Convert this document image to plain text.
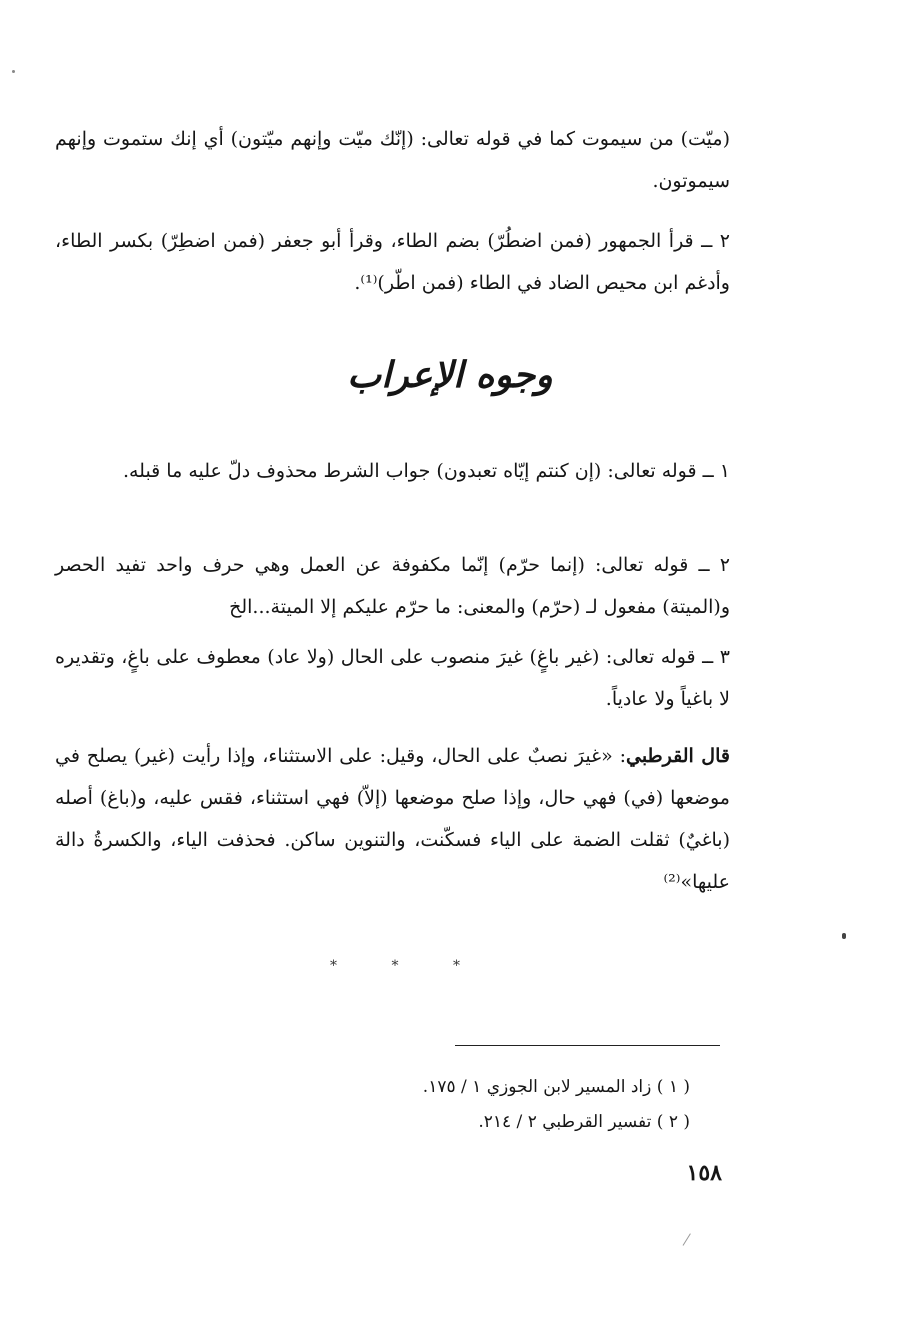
(ميّت) من سيموت كما في قوله تعالى: (إنّك ميّت وإنهم ميّتون) أي إنك ستموت وإنهم سيموتون.

٢ ــ قرأ الجمهور (فمن اضطُرّ) بضم الطاء، وقرأ أبو جعفر (فمن اضطِرّ) بكسر الطاء، وأدغم ابن محيص الضاد في الطاء (فمن اطّر)⁽¹⁾.

وجوه الإعراب

١ ــ قوله تعالى: (إن كنتم إيّاه تعبدون) جواب الشرط محذوف دلّ عليه ما قبله.

٢ ــ قوله تعالى: (إنما حرّم) إنّما مكفوفة عن العمل وهي حرف واحد تفيد الحصر و(الميتة) مفعول لـ (حرّم) والمعنى: ما حرّم عليكم إلا الميتة...الخ

٣ ــ قوله تعالى: (غير باغٍ) غيرَ منصوب على الحال (ولا عاد) معطوف على باغٍ، وتقديره لا باغياً ولا عادياً.

قال القرطبي: «غيرَ نصبٌ على الحال، وقيل: على الاستثناء، وإذا رأيت (غير) يصلح في موضعها (في) فهي حال، وإذا صلح موضعها (إلاّ) فهي استثناء، فقس عليه، و(باغ) أصله (باغيٌ) ثقلت الضمة على الياء فسكّنت، والتنوين ساكن. فحذفت الياء، والكسرةُ دالة عليها»⁽²⁾

*	*	*

( ١ ) زاد المسير لابن الجوزي ١ / ١٧٥.

( ٢ ) تفسير القرطبي ٢ / ٢١٤.

١٥٨
